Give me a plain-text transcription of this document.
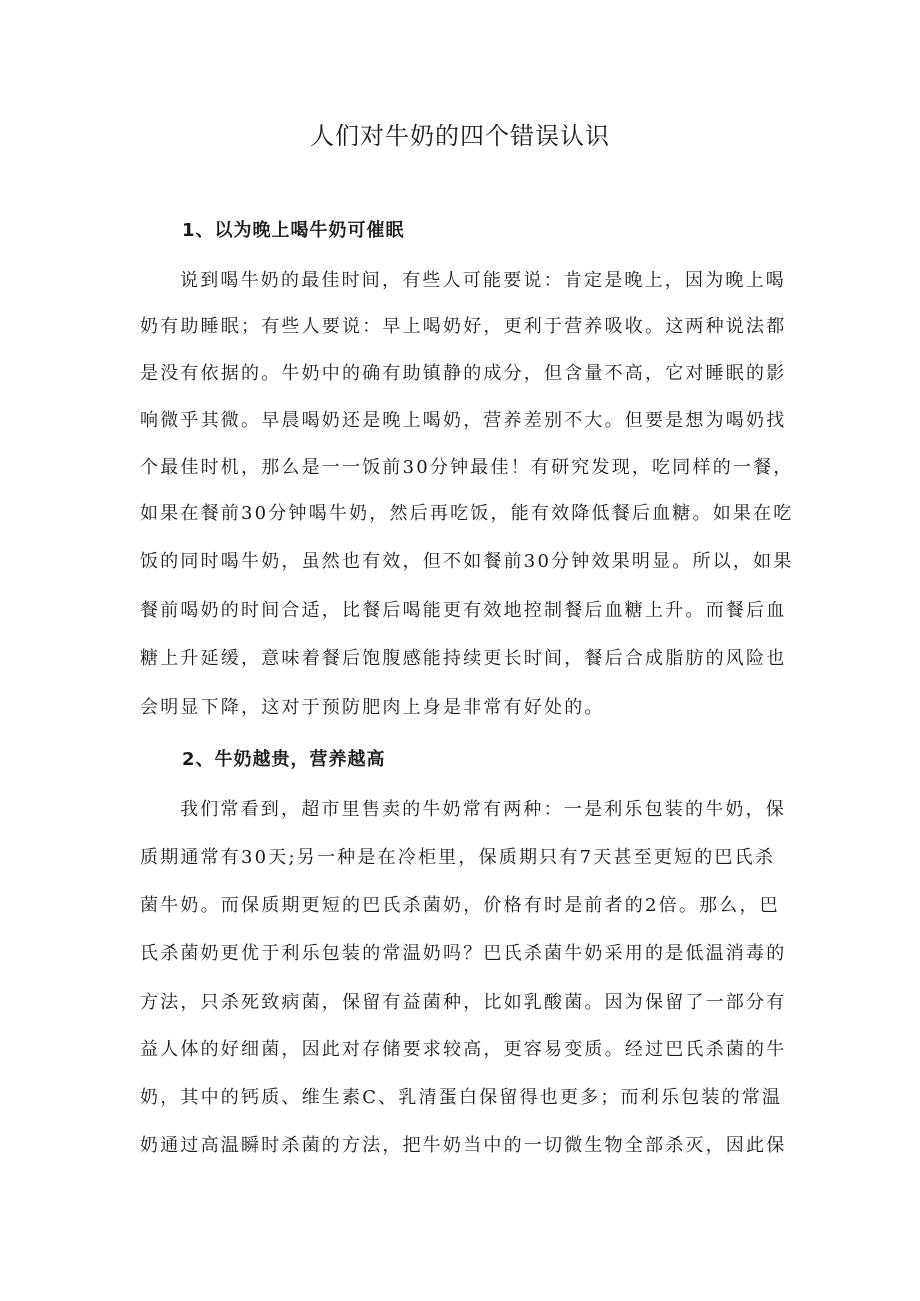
人们对牛奶的四个错误认识
1、以为晚上喝牛奶可催眠
说到喝牛奶的最佳时间，有些人可能要说：肯定是晚上，因为晚上喝
奶有助睡眠；有些人要说：早上喝奶好，更利于营养吸收。这两种说法都
是没有依据的。牛奶中的确有助镇静的成分，但含量不高，它对睡眠的影
响微乎其微。早晨喝奶还是晚上喝奶，营养差别不大。但要是想为喝奶找
个最佳时机，那么是一一饭前30分钟最佳！有研究发现，吃同样的一餐，
如果在餐前30分钟喝牛奶，然后再吃饭，能有效降低餐后血糖。如果在吃
饭的同时喝牛奶，虽然也有效，但不如餐前30分钟效果明显。所以，如果
餐前喝奶的时间合适，比餐后喝能更有效地控制餐后血糖上升。而餐后血
糖上升延缓，意味着餐后饱腹感能持续更长时间，餐后合成脂肪的风险也
会明显下降，这对于预防肥肉上身是非常有好处的。
2、牛奶越贵，营养越高
我们常看到，超市里售卖的牛奶常有两种：一是利乐包装的牛奶，保
质期通常有30天;另一种是在冷柜里，保质期只有7天甚至更短的巴氏杀
菌牛奶。而保质期更短的巴氏杀菌奶，价格有时是前者的2倍。那么，巴
氏杀菌奶更优于利乐包装的常温奶吗？巴氏杀菌牛奶采用的是低温消毒的
方法，只杀死致病菌，保留有益菌种，比如乳酸菌。因为保留了一部分有
益人体的好细菌，因此对存储要求较高，更容易变质。经过巴氏杀菌的牛
奶，其中的钙质、维生素C、乳清蛋白保留得也更多；而利乐包装的常温
奶通过高温瞬时杀菌的方法，把牛奶当中的一切微生物全部杀灭，因此保
